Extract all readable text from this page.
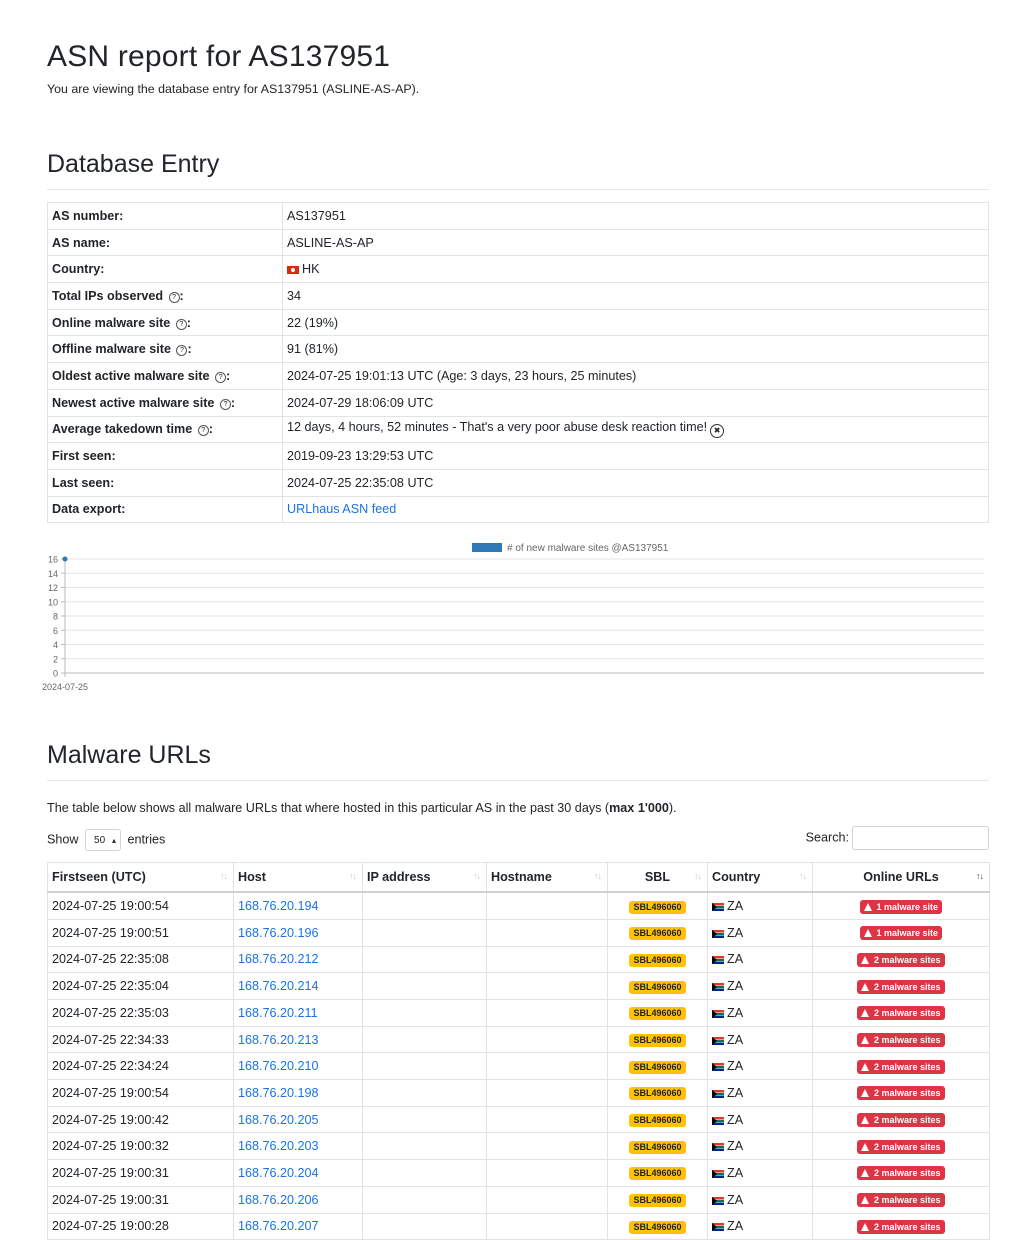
ASN report for AS137951

You are viewing the database entry for AS137951 (ASLINE-AS-AP).

Database Entry
AS number:	AS137951
AS name:	ASLINE-AS-AP
Country:	HK
Total IPs observed ? :	34
Online malware site ? :	22 (19%)
Offline malware site ? :	91 (81%)
Oldest active malware site ? :	2024-07-25 19:01:13 UTC (Age: 3 days, 23 hours, 25 minutes)
Newest active malware site ? :	2024-07-29 18:06:09 UTC
Average takedown time ? :	12 days, 4 hours, 52 minutes - That's a very poor abuse desk reaction time! ✖
First seen:	2019-09-23 13:29:53 UTC
Last seen:	2024-07-25 22:35:08 UTC
Data export:	URLhaus ASN feed
# of new malware sites @AS137951
0
2
4
6
8
10
12
14
16
2024-07-25
Malware URLs

The table below shows all malware URLs that where hosted in this particular AS in the past 30 days (max 1'000).

Show 50 ▴ entries	Search:
Firstseen (UTC) ↑↓	Host ↑↓	IP address ↑↓	Hostname ↑↓	SBL ↑↓	Country ↑↓	Online URLs ↑↓

2024-07-25 19:00:54	168.76.20.194			SBL496060	ZA	1 malware site
2024-07-25 19:00:51	168.76.20.196			SBL496060	ZA	1 malware site
2024-07-25 22:35:08	168.76.20.212			SBL496060	ZA	2 malware sites
2024-07-25 22:35:04	168.76.20.214			SBL496060	ZA	2 malware sites
2024-07-25 22:35:03	168.76.20.211			SBL496060	ZA	2 malware sites
2024-07-25 22:34:33	168.76.20.213			SBL496060	ZA	2 malware sites
2024-07-25 22:34:24	168.76.20.210			SBL496060	ZA	2 malware sites
2024-07-25 19:00:54	168.76.20.198			SBL496060	ZA	2 malware sites
2024-07-25 19:00:42	168.76.20.205			SBL496060	ZA	2 malware sites
2024-07-25 19:00:32	168.76.20.203			SBL496060	ZA	2 malware sites
2024-07-25 19:00:31	168.76.20.204			SBL496060	ZA	2 malware sites
2024-07-25 19:00:31	168.76.20.206			SBL496060	ZA	2 malware sites
2024-07-25 19:00:28	168.76.20.207			SBL496060	ZA	2 malware sites
